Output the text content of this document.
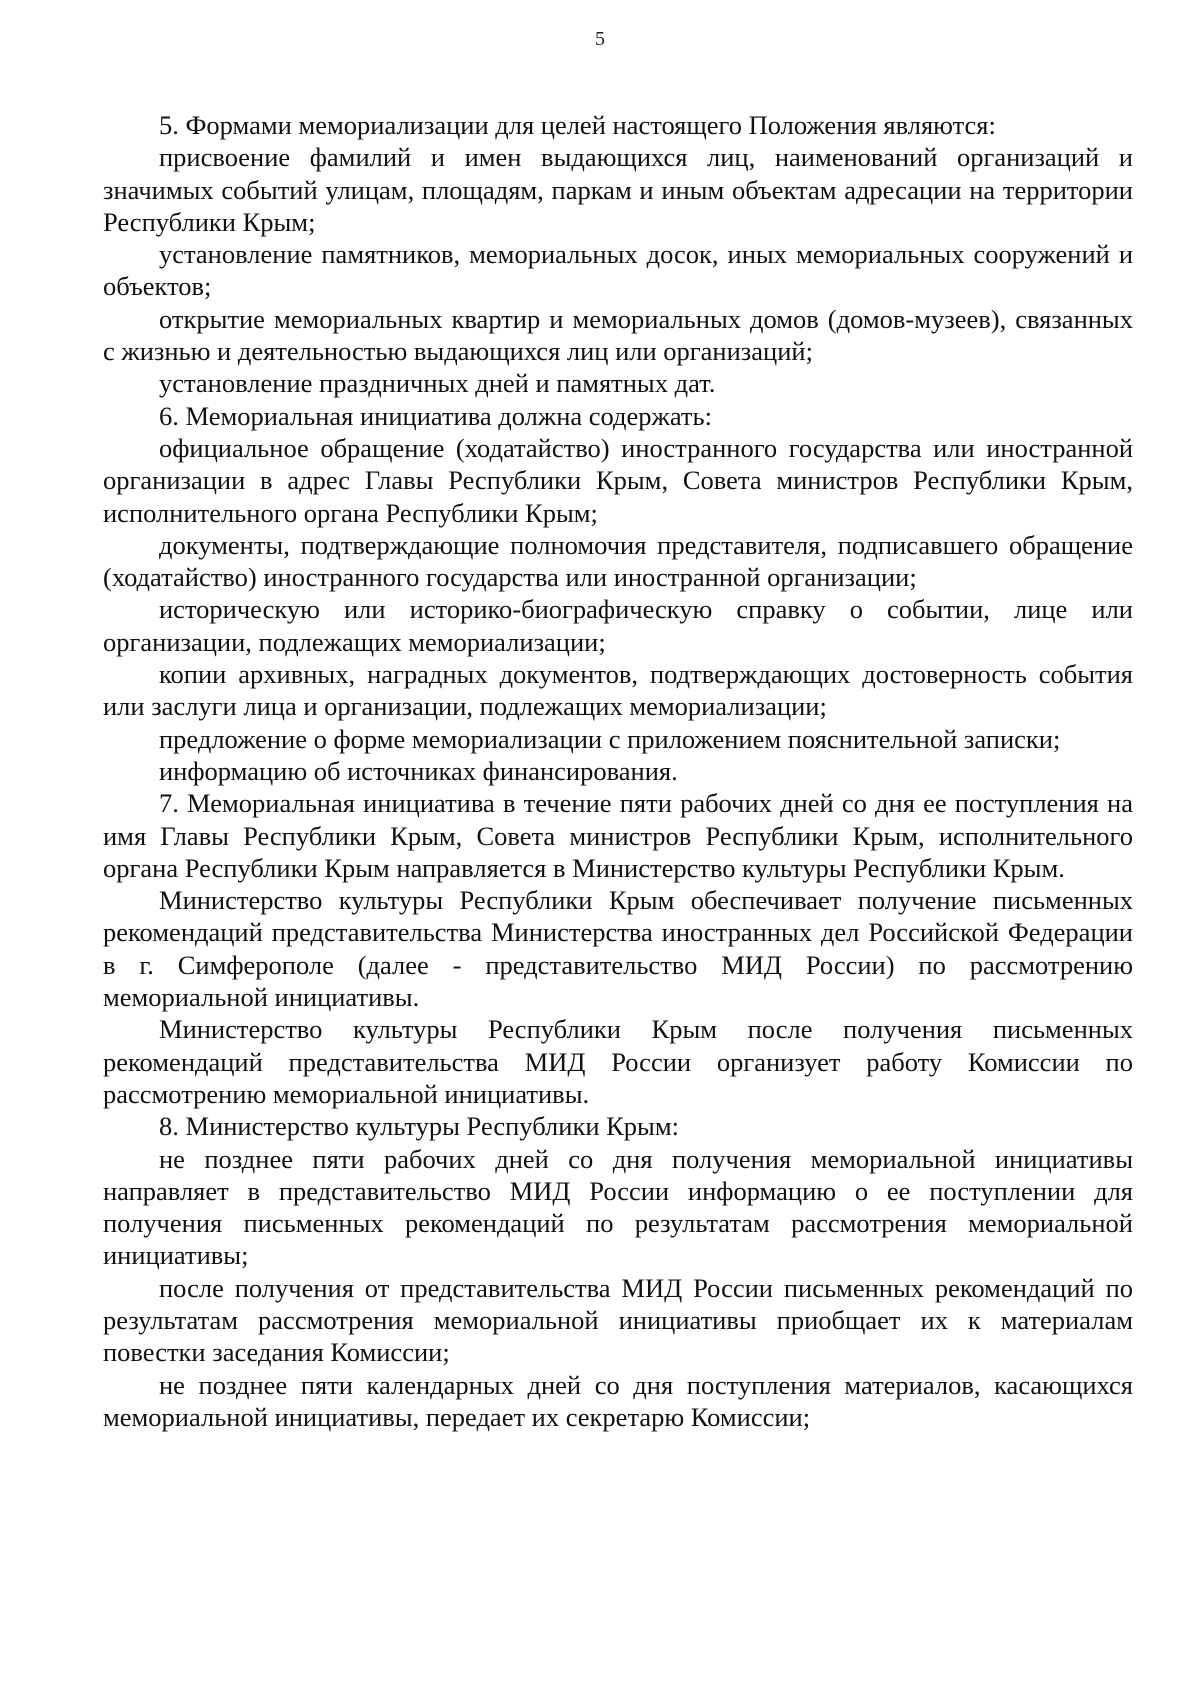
5

5. Формами мемориализации для целей настоящего Положения являются:

присвоение фамилий и имен выдающихся лиц, наименований организаций и значимых событий улицам, площадям, паркам и иным объектам адресации на территории Республики Крым;

установление памятников, мемориальных досок, иных мемориальных сооружений и объектов;

открытие мемориальных квартир и мемориальных домов (домов-музеев), связанных с жизнью и деятельностью выдающихся лиц или организаций;

установление праздничных дней и памятных дат.

6. Мемориальная инициатива должна содержать:

официальное обращение (ходатайство) иностранного государства или иностранной организации в адрес Главы Республики Крым, Совета министров Республики Крым, исполнительного органа Республики Крым;

документы, подтверждающие полномочия представителя, подписавшего обращение (ходатайство) иностранного государства или иностранной организации;

историческую или историко-биографическую справку о событии, лице или организации, подлежащих мемориализации;

копии архивных, наградных документов, подтверждающих достоверность события или заслуги лица и организации, подлежащих мемориализации;

предложение о форме мемориализации с приложением пояснительной записки;

информацию об источниках финансирования.

7. Мемориальная инициатива в течение пяти рабочих дней со дня ее поступления на имя Главы Республики Крым, Совета министров Республики Крым, исполнительного органа Республики Крым направляется в Министерство культуры Республики Крым.

Министерство культуры Республики Крым обеспечивает получение письменных рекомендаций представительства Министерства иностранных дел Российской Федерации в г. Симферополе (далее - представительство МИД России) по рассмотрению мемориальной инициативы.

Министерство культуры Республики Крым после получения письменных рекомендаций представительства МИД России организует работу Комиссии по рассмотрению мемориальной инициативы.

8. Министерство культуры Республики Крым:

не позднее пяти рабочих дней со дня получения мемориальной инициативы направляет в представительство МИД России информацию о ее поступлении для получения письменных рекомендаций по результатам рассмотрения мемориальной инициативы;

после получения от представительства МИД России письменных рекомендаций по результатам рассмотрения мемориальной инициативы приобщает их к материалам повестки заседания Комиссии;

не позднее пяти календарных дней со дня поступления материалов, касающихся мемориальной инициативы, передает их секретарю Комиссии;
